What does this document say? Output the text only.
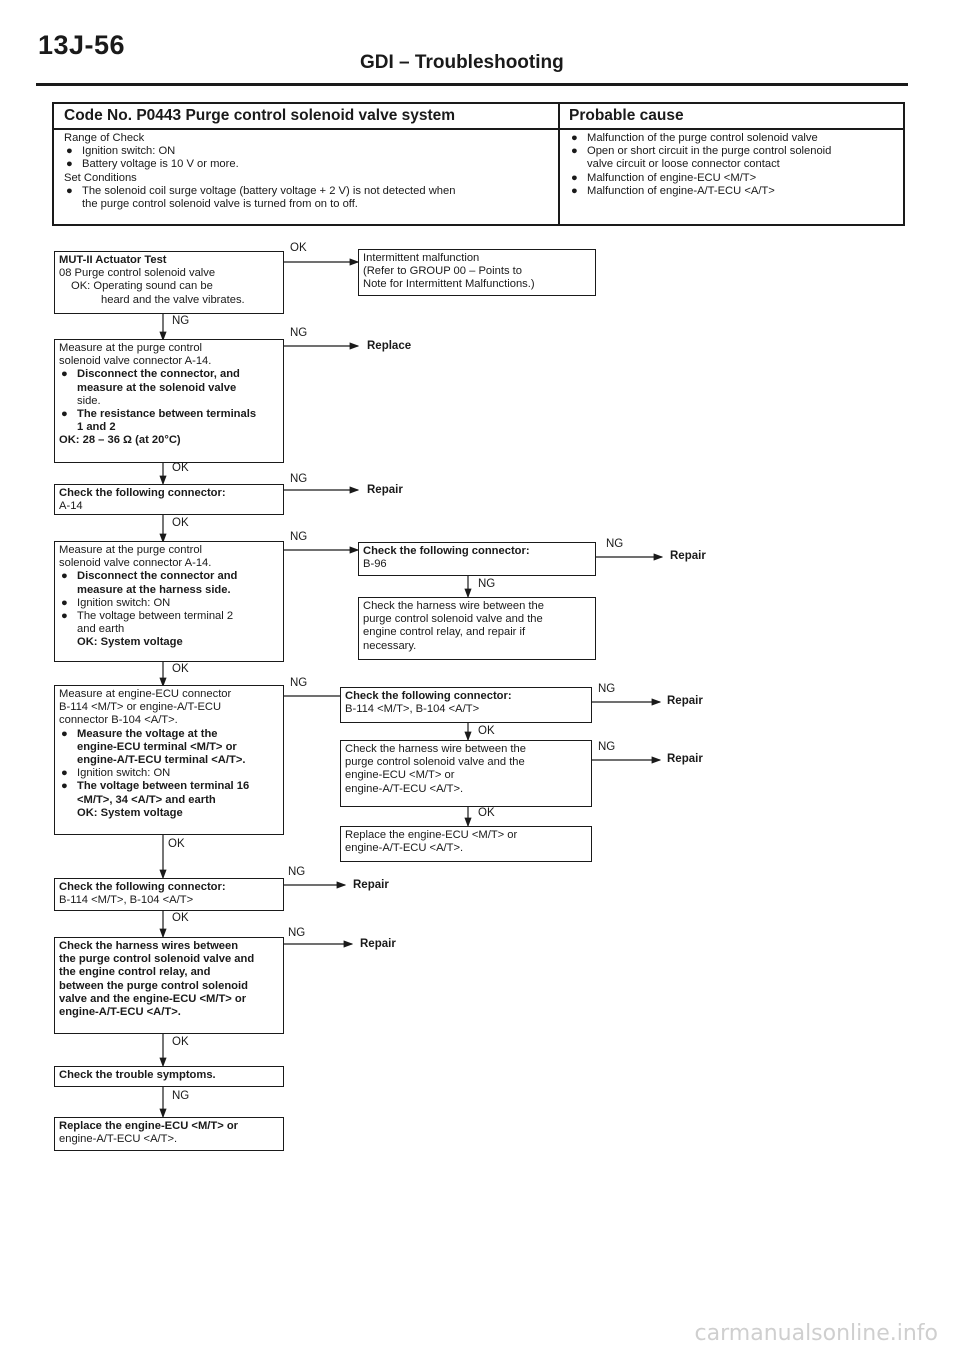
13J-56
GDI – Troubleshooting
Code No. P0443 Purge control solenoid valve system	Probable cause
Range of Check
● Ignition switch: ON
● Battery voltage is 10 V or more.
Set Conditions
● The solenoid coil surge voltage (battery voltage + 2 V) is not detected when
the purge control solenoid valve is turned from on to off.
● Malfunction of the purge control solenoid valve
● Open or short circuit in the purge control solenoid
valve circuit or loose connector contact
● Malfunction of engine-ECU <M/T>
● Malfunction of engine-A/T-ECU <A/T>
MUT-II Actuator Test
08 Purge control solenoid valve
OK: Operating sound can be
heard and the valve vibrates.
Measure at the purge control
solenoid valve connector A-14.
● Disconnect the connector, and
measure at the solenoid valve
side.
● The resistance between terminals
1 and 2
OK: 28 – 36 Ω (at 20°C)
Check the following connector:
A-14
Measure at the purge control
solenoid valve connector A-14.
● Disconnect the connector and
measure at the harness side.
● Ignition switch: ON
● The voltage between terminal 2
and earth
OK: System voltage
Measure at engine-ECU connector
B-114 <M/T> or engine-A/T-ECU
connector B-104 <A/T>.
● Measure the voltage at the
engine-ECU terminal <M/T> or
engine-A/T-ECU terminal <A/T>.
● Ignition switch: ON
● The voltage between terminal 16
<M/T>, 34 <A/T> and earth
OK: System voltage
Check the following connector:
B-114 <M/T>, B-104 <A/T>
Check the harness wires between
the purge control solenoid valve and
the engine control relay, and
between the purge control solenoid
valve and the engine-ECU <M/T> or
engine-A/T-ECU <A/T>.
Check the trouble symptoms.
Replace the engine-ECU <M/T> or
engine-A/T-ECU <A/T>.
Intermittent malfunction
(Refer to GROUP 00 – Points to
Note for Intermittent Malfunctions.)
Check the following connector:
B-96
Check the harness wire between the
purge control solenoid valve and the
engine control relay, and repair if
necessary.
Check the following connector:
B-114 <M/T>, B-104 <A/T>
Check the harness wire between the
purge control solenoid valve and the
engine-ECU <M/T> or
engine-A/T-ECU <A/T>.
Replace the engine-ECU <M/T> or
engine-A/T-ECU <A/T>.
NG
OK
OK
OK
OK
OK
OK
NG
OK
NG
NG
NG
NG
NG
NG
NG
OK
OK
NG
NG
NG
Replace
Repair
Repair
Repair
Repair
Repair
Repair
carmanualsonline.info
